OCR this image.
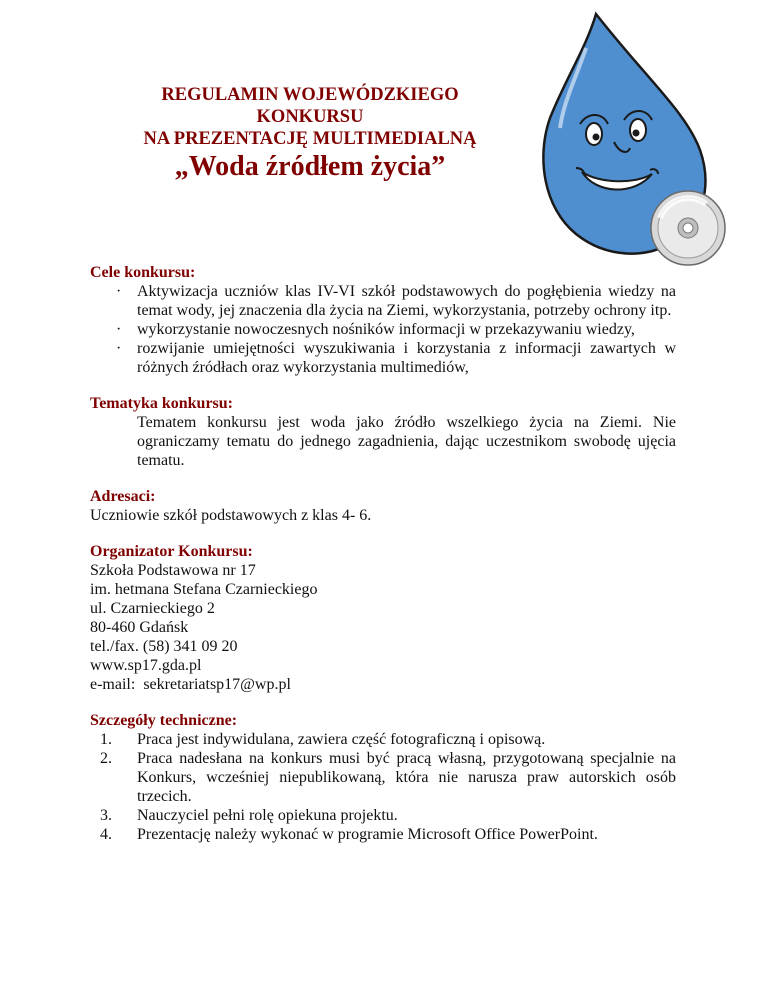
REGULAMIN WOJEWÓDZKIEGO
KONKURSU
NA PREZENTACJĘ MULTIMEDIALNĄ
„Woda źródłem życia”
Cele konkursu:
· Aktywizacja uczniów klas IV-VI szkół podstawowych do pogłębienia wiedzy na temat wody, jej znaczenia dla życia na Ziemi, wykorzystania, potrzeby ochrony itp.
· wykorzystanie nowoczesnych nośników informacji w przekazywaniu wiedzy,
· rozwijanie umiejętności wyszukiwania i korzystania z informacji zawartych w różnych źródłach oraz wykorzystania multimediów,
Tematyka konkursu:

Tematem konkursu jest woda jako źródło wszelkiego życia na Ziemi. Nie ograniczamy tematu do jednego zagadnienia, dając uczestnikom swobodę ujęcia tematu.

Adresaci:

Uczniowie szkół podstawowych z klas 4- 6.

Organizator Konkursu:
Szkoła Podstawowa nr 17
im. hetmana Stefana Czarnieckiego
ul. Czarnieckiego 2
80-460 Gdańsk
tel./fax. (58) 341 09 20
www.sp17.gda.pl
e-mail:  sekretariatsp17@wp.pl
Szczegóły techniczne:
1. Praca jest indywidulana, zawiera część fotograficzną i opisową.
2. Praca nadesłana na konkurs musi być pracą własną, przygotowaną specjalnie na Konkurs, wcześniej niepublikowaną, która nie narusza praw autorskich osób trzecich.
3. Nauczyciel pełni rolę opiekuna projektu.
4. Prezentację należy wykonać w programie Microsoft Office PowerPoint.
